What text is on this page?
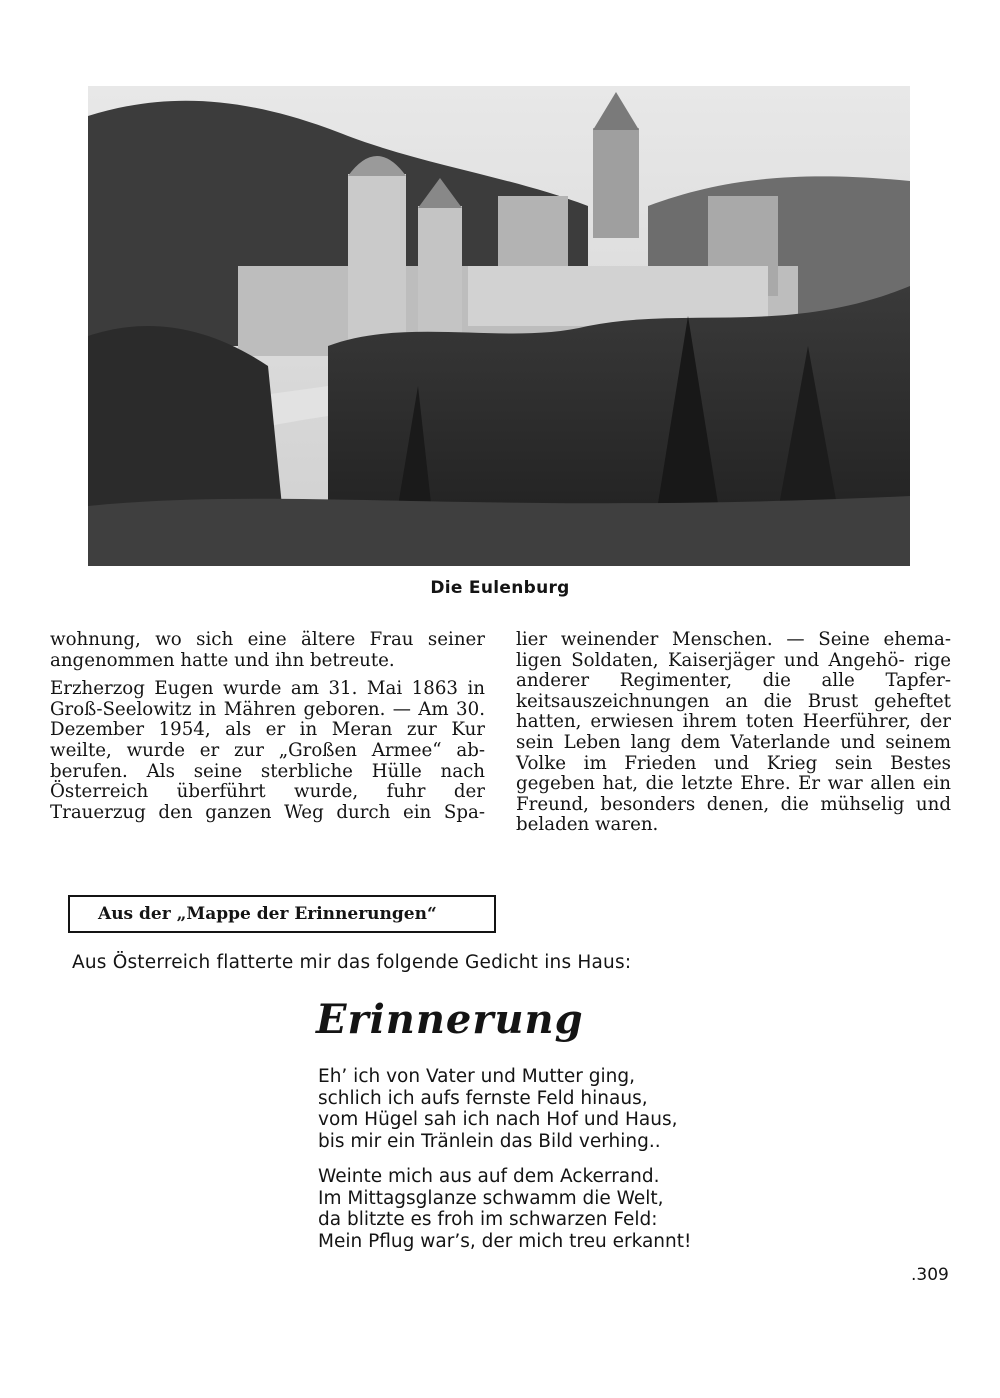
Die Eulenburg

wohnung, wo sich eine ältere Frau seiner angenommen hatte und ihn betreute.

Erzherzog Eugen wurde am 31. Mai 1863 in Groß-Seelowitz in Mähren geboren. — Am 30. Dezember 1954, als er in Meran zur Kur weilte, wurde er zur „Großen Armee“ ab- berufen. Als seine sterbliche Hülle nach Österreich überführt wurde, fuhr der Trauerzug den ganzen Weg durch ein Spa-

lier weinender Menschen. — Seine ehema- ligen Soldaten, Kaiserjäger und Angehö- rige anderer Regimenter, die alle Tapfer- keitsauszeichnungen an die Brust geheftet hatten, erwiesen ihrem toten Heerführer, der sein Leben lang dem Vaterlande und seinem Volke im Frieden und Krieg sein Bestes gegeben hat, die letzte Ehre. Er war allen ein Freund, besonders denen, die mühselig und beladen waren.

Aus der „Mappe der Erinnerungen“
Aus Österreich flatterte mir das folgende Gedicht ins Haus:
Erinnerung
Eh’ ich von Vater und Mutter ging,
schlich ich aufs fernste Feld hinaus,
vom Hügel sah ich nach Hof und Haus,
bis mir ein Tränlein das Bild verhing..
Weinte mich aus auf dem Ackerrand.
Im Mittagsglanze schwamm die Welt,
da blitzte es froh im schwarzen Feld:
Mein Pflug war’s, der mich treu erkannt!
.309
